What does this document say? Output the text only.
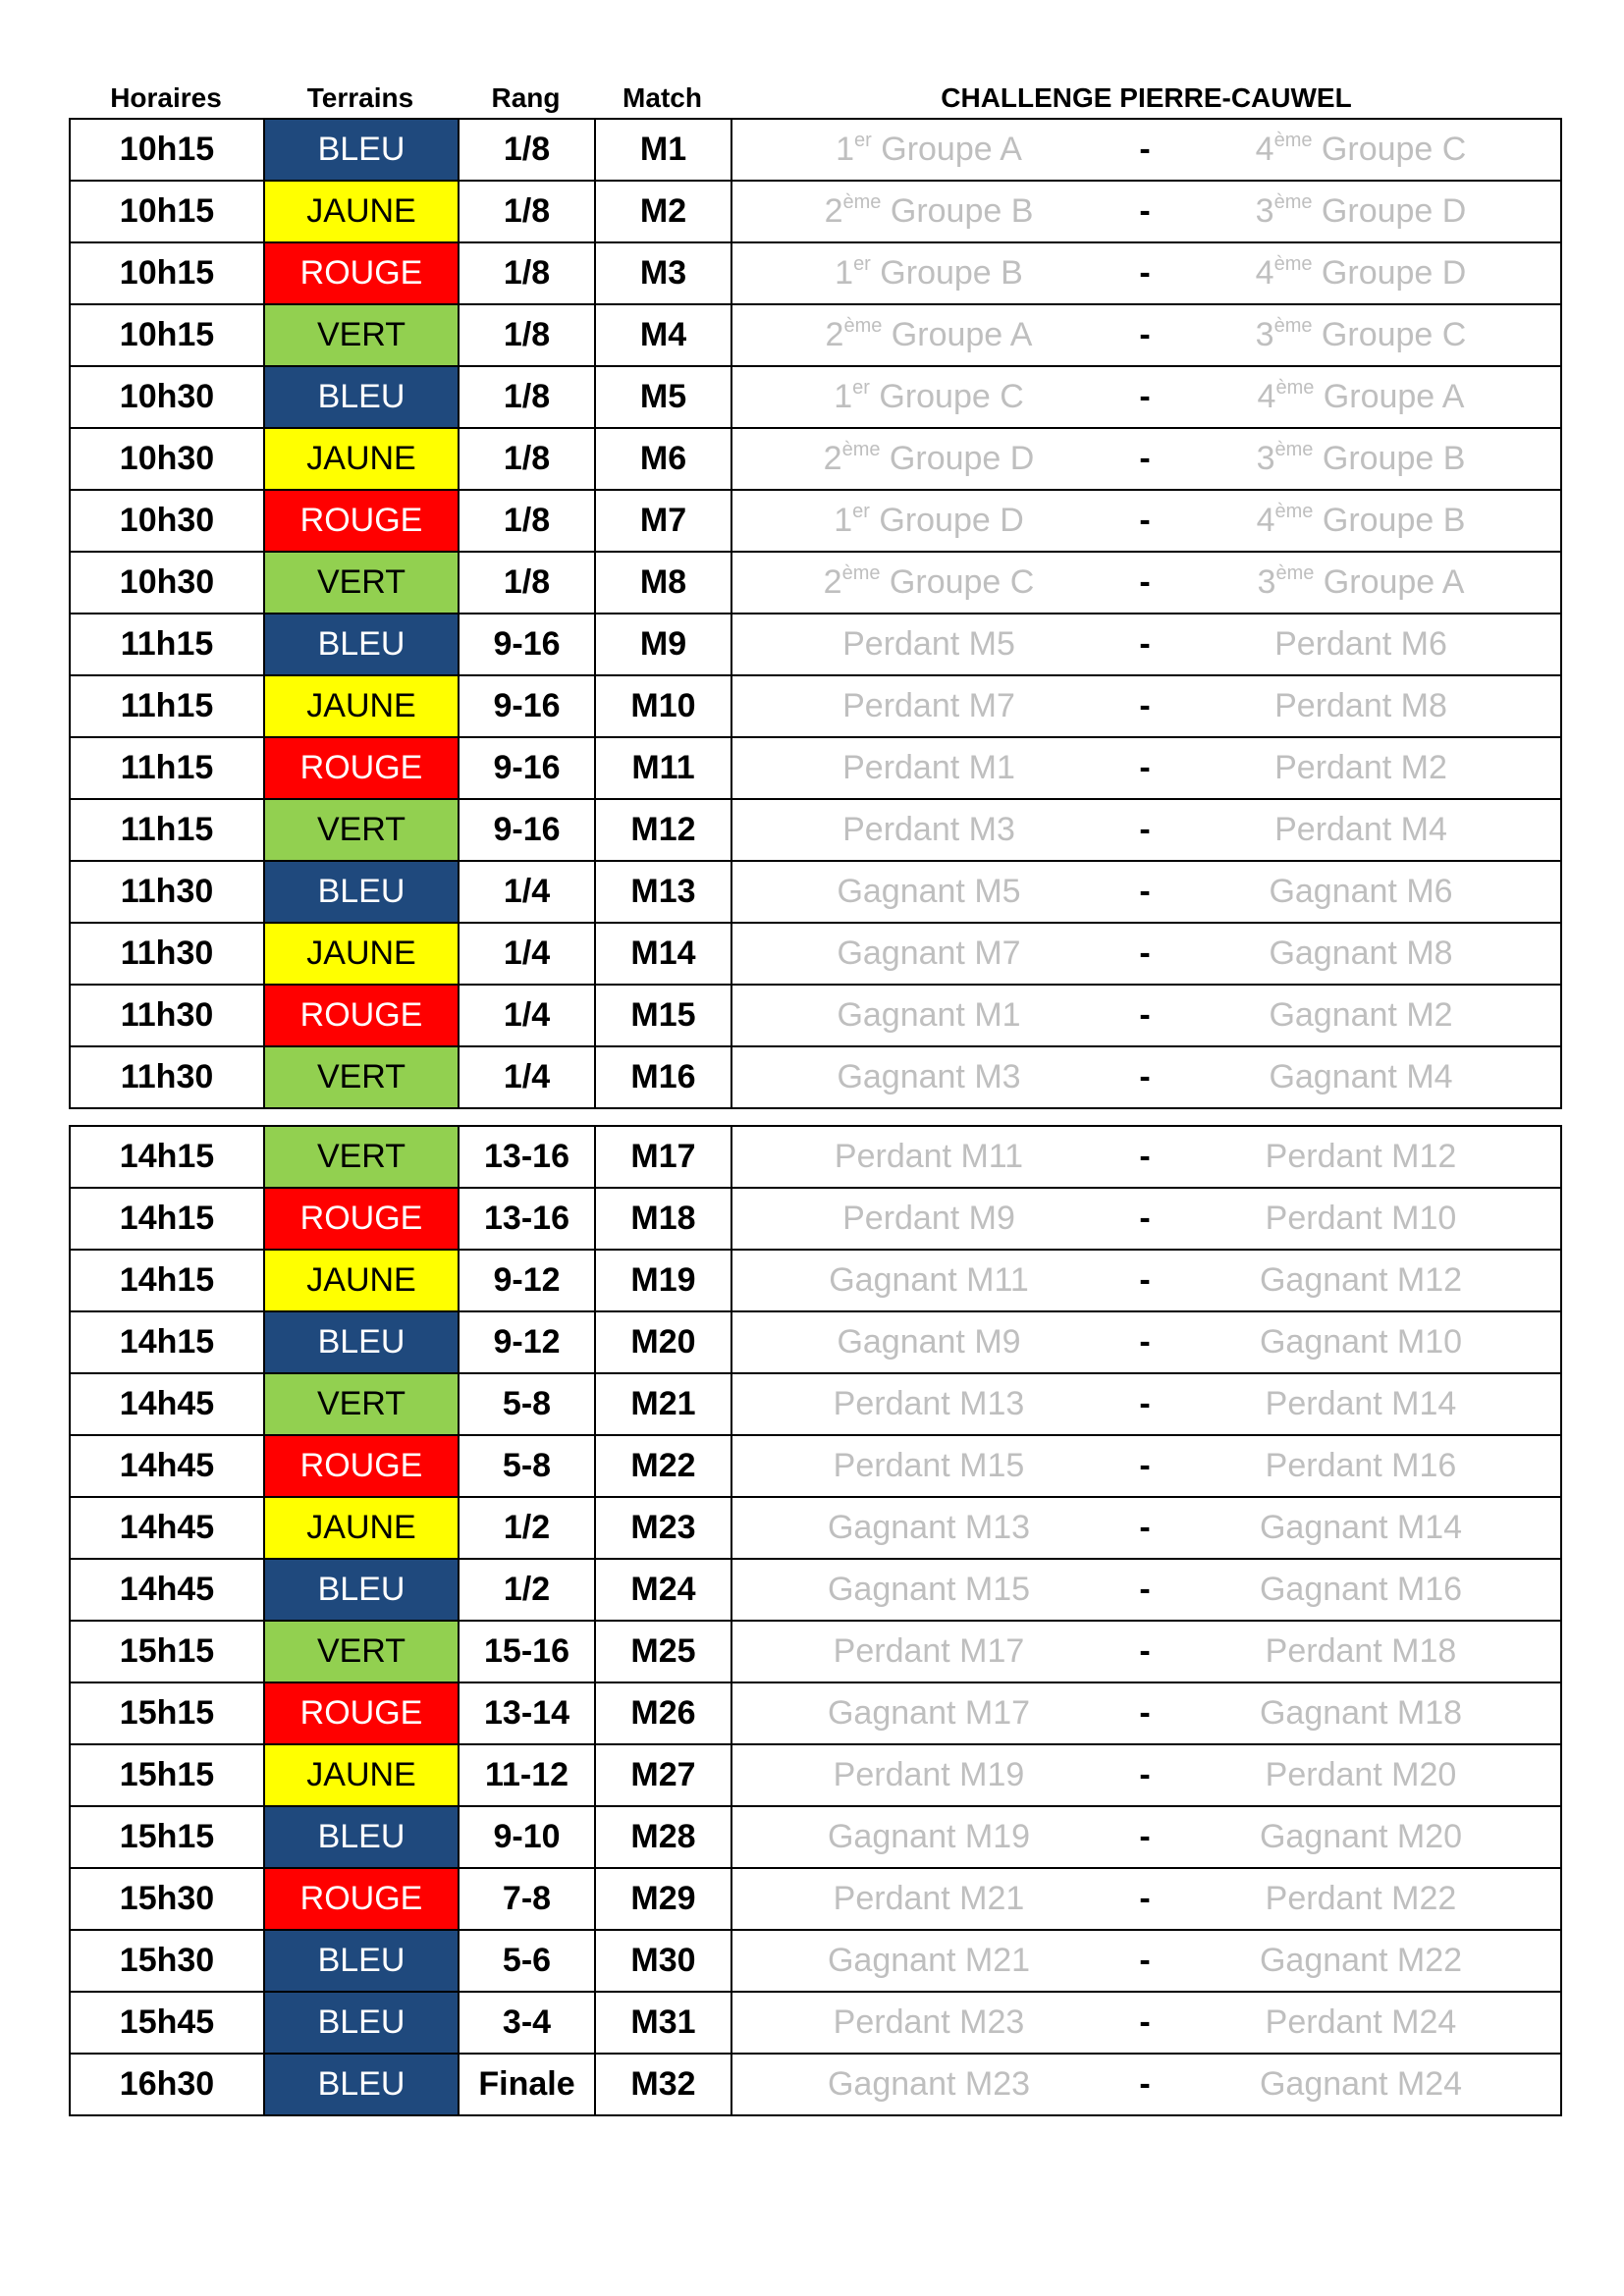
Horaires	Terrains	Rang	Match	CHALLENGE PIERRE-CAUWEL
10h15	BLEU	1/8	M1	1er Groupe A - 4ème Groupe C

10h15	JAUNE	1/8	M2	2ème Groupe B - 3ème Groupe D

10h15	ROUGE	1/8	M3	1er Groupe B - 4ème Groupe D

10h15	VERT	1/8	M4	2ème Groupe A - 3ème Groupe C

10h30	BLEU	1/8	M5	1er Groupe C - 4ème Groupe A

10h30	JAUNE	1/8	M6	2ème Groupe D - 3ème Groupe B

10h30	ROUGE	1/8	M7	1er Groupe D - 4ème Groupe B

10h30	VERT	1/8	M8	2ème Groupe C - 3ème Groupe A

11h15	BLEU	9-16	M9	Perdant M5 - Perdant M6

11h15	JAUNE	9-16	M10	Perdant M7 - Perdant M8

11h15	ROUGE	9-16	M11	Perdant M1 - Perdant M2

11h15	VERT	9-16	M12	Perdant M3 - Perdant M4

11h30	BLEU	1/4	M13	Gagnant M5 - Gagnant M6

11h30	JAUNE	1/4	M14	Gagnant M7 - Gagnant M8

11h30	ROUGE	1/4	M15	Gagnant M1 - Gagnant M2

11h30	VERT	1/4	M16	Gagnant M3 - Gagnant M4
14h15	VERT	13-16	M17	Perdant M11 - Perdant M12

14h15	ROUGE	13-16	M18	Perdant M9 - Perdant M10

14h15	JAUNE	9-12	M19	Gagnant M11 - Gagnant M12

14h15	BLEU	9-12	M20	Gagnant M9 - Gagnant M10

14h45	VERT	5-8	M21	Perdant M13 - Perdant M14

14h45	ROUGE	5-8	M22	Perdant M15 - Perdant M16

14h45	JAUNE	1/2	M23	Gagnant M13 - Gagnant M14

14h45	BLEU	1/2	M24	Gagnant M15 - Gagnant M16

15h15	VERT	15-16	M25	Perdant M17 - Perdant M18

15h15	ROUGE	13-14	M26	Gagnant M17 - Gagnant M18

15h15	JAUNE	11-12	M27	Perdant M19 - Perdant M20

15h15	BLEU	9-10	M28	Gagnant M19 - Gagnant M20

15h30	ROUGE	7-8	M29	Perdant M21 - Perdant M22

15h30	BLEU	5-6	M30	Gagnant M21 - Gagnant M22

15h45	BLEU	3-4	M31	Perdant M23 - Perdant M24

16h30	BLEU	Finale	M32	Gagnant M23 - Gagnant M24
